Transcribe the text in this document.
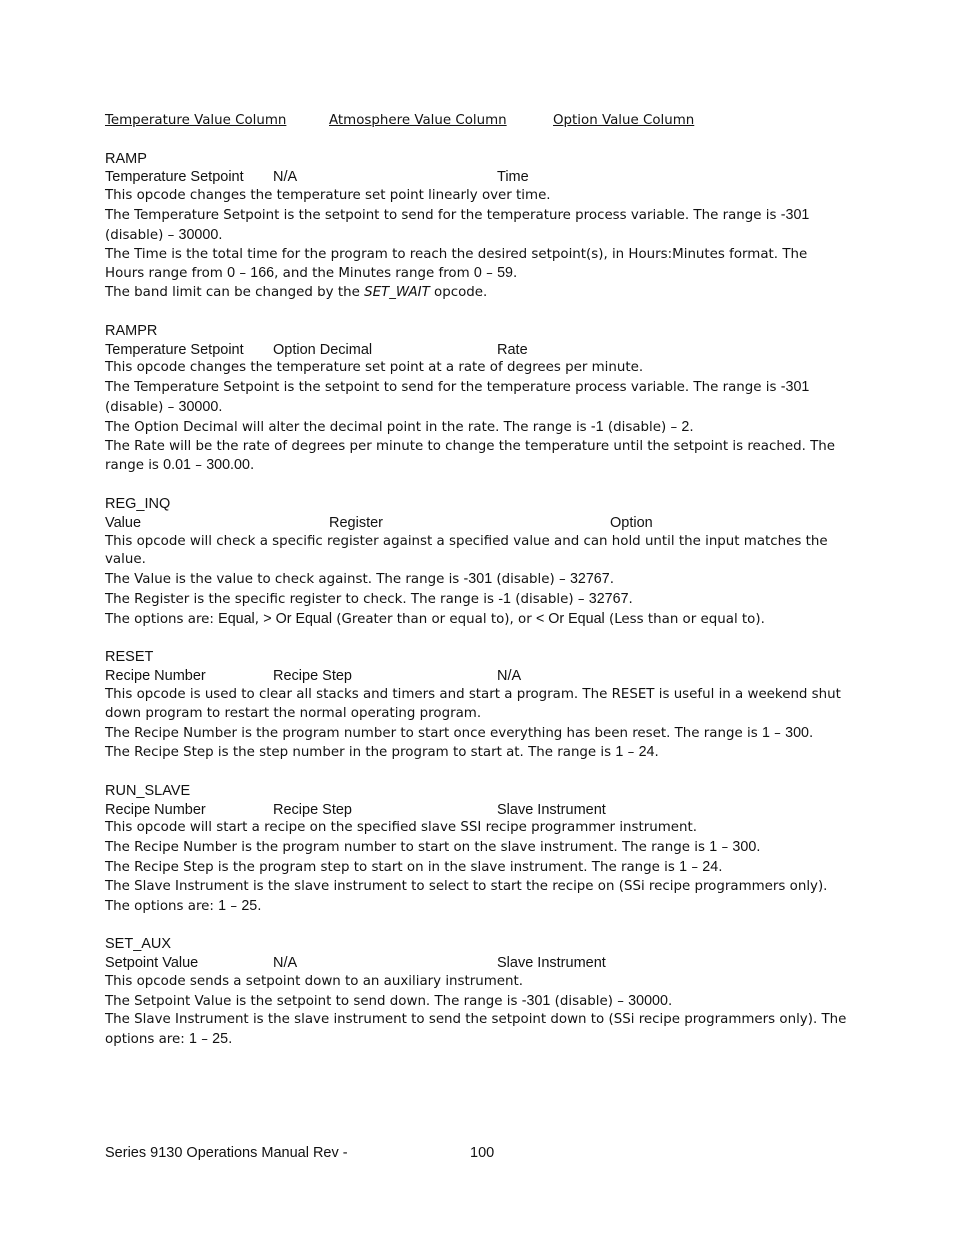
Temperature Value Column	Atmosphere Value Column	Option Value Column
RAMP
Temperature Setpoint	N/A	Time

This opcode changes the temperature set point linearly over time.

The Temperature Setpoint is the setpoint to send for the temperature process variable. The range is -301 (disable) – 30000.

The Time is the total time for the program to reach the desired setpoint(s), in Hours:Minutes format. The Hours range from 0 – 166, and the Minutes range from 0 – 59.

The band limit can be changed by the SET_WAIT opcode.

RAMPR
Temperature Setpoint	Option Decimal	Rate

This opcode changes the temperature set point at a rate of degrees per minute.

The Temperature Setpoint is the setpoint to send for the temperature process variable. The range is -301 (disable) – 30000.

The Option Decimal will alter the decimal point in the rate. The range is -1 (disable) – 2.

The Rate will be the rate of degrees per minute to change the temperature until the setpoint is reached. The range is 0.01 – 300.00.

REG_INQ
Value	Register	Option

This opcode will check a specific register against a specified value and can hold until the input matches the value.

The Value is the value to check against. The range is -301 (disable) – 32767.

The Register is the specific register to check. The range is -1 (disable) – 32767.

The options are: Equal, > Or Equal (Greater than or equal to), or < Or Equal (Less than or equal to).

RESET
Recipe Number	Recipe Step	N/A

This opcode is used to clear all stacks and timers and start a program. The RESET is useful in a weekend shut down program to restart the normal operating program.

The Recipe Number is the program number to start once everything has been reset. The range is 1 – 300.

The Recipe Step is the step number in the program to start at. The range is 1 – 24.

RUN_SLAVE
Recipe Number	Recipe Step	Slave Instrument

This opcode will start a recipe on the specified slave SSI recipe programmer instrument.

The Recipe Number is the program number to start on the slave instrument. The range is 1 – 300.

The Recipe Step is the program step to start on in the slave instrument. The range is 1 – 24.

The Slave Instrument is the slave instrument to select to start the recipe on (SSi recipe programmers only). The options are: 1 – 25.

SET_AUX
Setpoint Value	N/A	Slave Instrument

This opcode sends a setpoint down to an auxiliary instrument.

The Setpoint Value is the setpoint to send down. The range is -301 (disable) – 30000.

The Slave Instrument is the slave instrument to send the setpoint down to (SSi recipe programmers only). The options are: 1 – 25.

Series 9130 Operations Manual Rev -	100
